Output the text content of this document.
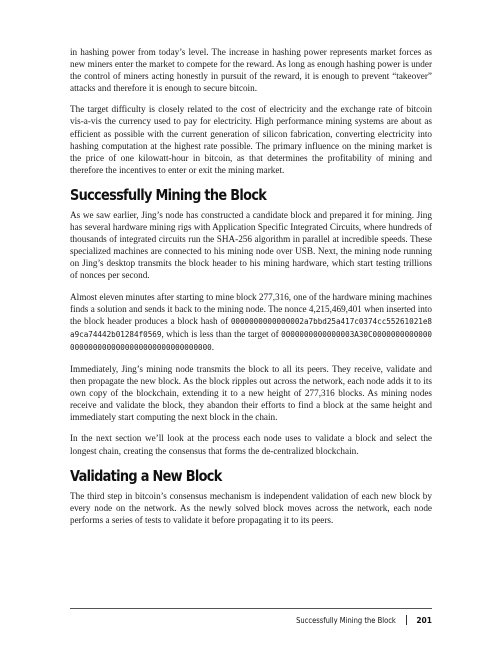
in hashing power from today’s level. The increase in hashing power represents market forces as new miners enter the market to compete for the reward. As long as enough hashing power is under the control of miners acting honestly in pursuit of the reward, it is enough to prevent “takeover” attacks and therefore it is enough to secure bitcoin.

The target difficulty is closely related to the cost of electricity and the exchange rate of bitcoin vis-a-vis the currency used to pay for electricity. High performance mining systems are about as efficient as possible with the current generation of silicon fabrication, converting electricity into hashing computation at the highest rate possible. The primary influence on the mining market is the price of one kilowatt-hour in bitcoin, as that determines the profitability of mining and therefore the incentives to enter or exit the mining market.

Successfully Mining the Block

As we saw earlier, Jing’s node has constructed a candidate block and prepared it for mining. Jing has several hardware mining rigs with Application Specific Integrated Circuits, where hundreds of thousands of integrated circuits run the SHA-256 algorithm in parallel at incredible speeds. These specialized machines are connected to his mining node over USB. Next, the mining node running on Jing’s desktop transmits the block header to his mining hardware, which start testing trillions of nonces per second.

Almost eleven minutes after starting to mine block 277,316, one of the hardware mining machines finds a solution and sends it back to the mining node. The nonce 4,215,469,401 when inserted into the block header produces a block hash of 0000000000000002a7bbd25a417c0374cc55261021e8a9ca74442b01284f0569, which is less than the target of 0000000000000003A30C00000000000000000000000000000000000000000000.

Immediately, Jing’s mining node transmits the block to all its peers. They receive, validate and then propagate the new block. As the block ripples out across the network, each node adds it to its own copy of the blockchain, extending it to a new height of 277,316 blocks. As mining nodes receive and validate the block, they abandon their efforts to find a block at the same height and immediately start computing the next block in the chain.

In the next section we’ll look at the process each node uses to validate a block and select the longest chain, creating the consensus that forms the de-centralized blockchain.

Validating a New Block

The third step in bitcoin’s consensus mechanism is independent validation of each new block by every node on the network. As the newly solved block moves across the network, each node performs a series of tests to validate it before propagating it to its peers.

Successfully Mining the Block	201
